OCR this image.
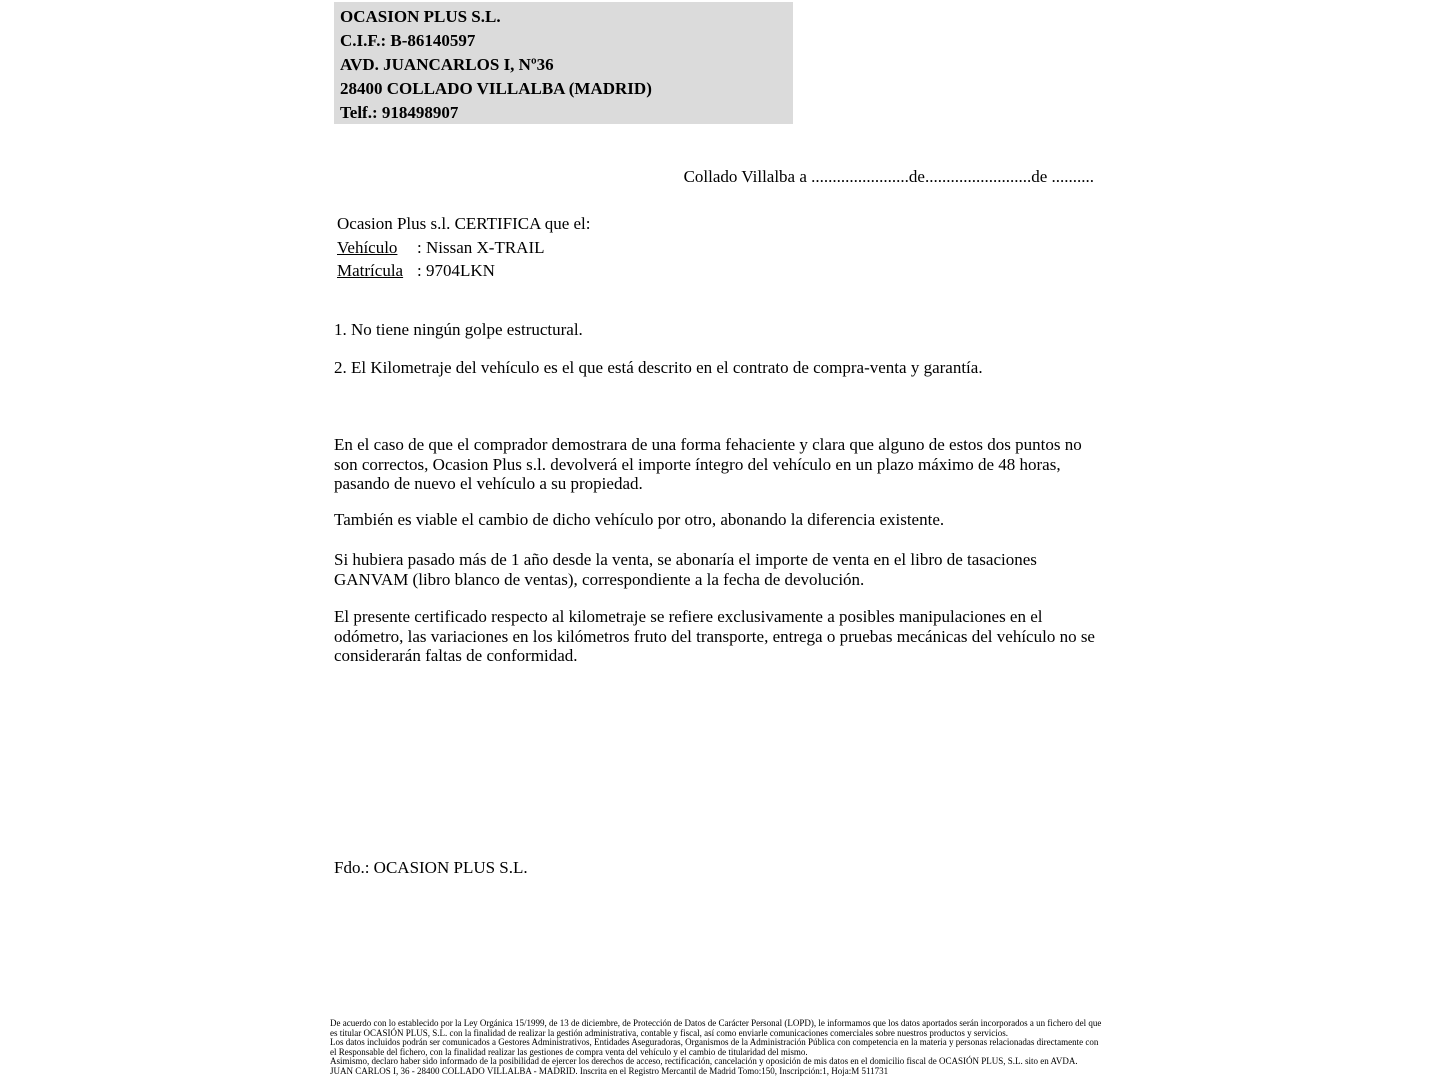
OCASION PLUS S.L.
C.I.F.: B-86140597
AVD. JUANCARLOS I, Nº36
28400 COLLADO VILLALBA (MADRID)
Telf.: 918498907
Collado Villalba a .......................de.........................de ..........
Ocasion Plus s.l. CERTIFICA que el:
Vehículo : Nissan X-TRAIL
Matrícula : 9704LKN

1. No tiene ningún golpe estructural.

2. El Kilometraje del vehículo es el que está descrito en el contrato de compra-venta y garantía.

En el caso de que el comprador demostrara de una forma fehaciente y clara que alguno de estos dos puntos no son correctos, Ocasion Plus s.l. devolverá el importe íntegro del vehículo en un plazo máximo de 48 horas, pasando de nuevo el vehículo a su propiedad.

También es viable el cambio de dicho vehículo por otro, abonando la diferencia existente.

Si hubiera pasado más de 1 año desde la venta, se abonaría el importe de venta en el libro de tasaciones GANVAM (libro blanco de ventas), correspondiente a la fecha de devolución.

El presente certificado respecto al kilometraje se refiere exclusivamente a posibles manipulaciones en el odómetro, las variaciones en los kilómetros fruto del transporte, entrega o pruebas mecánicas del vehículo no se considerarán faltas de conformidad.

Fdo.: OCASION PLUS S.L.

De acuerdo con lo establecido por la Ley Orgánica 15/1999, de 13 de diciembre, de Protección de Datos de Carácter Personal (LOPD), le informamos que los datos aportados serán incorporados a un fichero del que es titular OCASIÓN PLUS, S.L. con la finalidad de realizar la gestión administrativa, contable y fiscal, así como enviarle comunicaciones comerciales sobre nuestros productos y servicios.

Los datos incluidos podrán ser comunicados a Gestores Administrativos, Entidades Aseguradoras, Organismos de la Administración Pública con competencia en la materia y personas relacionadas directamente con el Responsable del fichero, con la finalidad realizar las gestiones de compra venta del vehículo y el cambio de titularidad del mismo.

Asimismo, declaro haber sido informado de la posibilidad de ejercer los derechos de acceso, rectificación, cancelación y oposición de mis datos en el domicilio fiscal de OCASIÓN PLUS, S.L. sito en AVDA. JUAN CARLOS I, 36 - 28400 COLLADO VILLALBA - MADRID. Inscrita en el Registro Mercantil de Madrid Tomo:150, Inscripción:1, Hoja:M 511731
